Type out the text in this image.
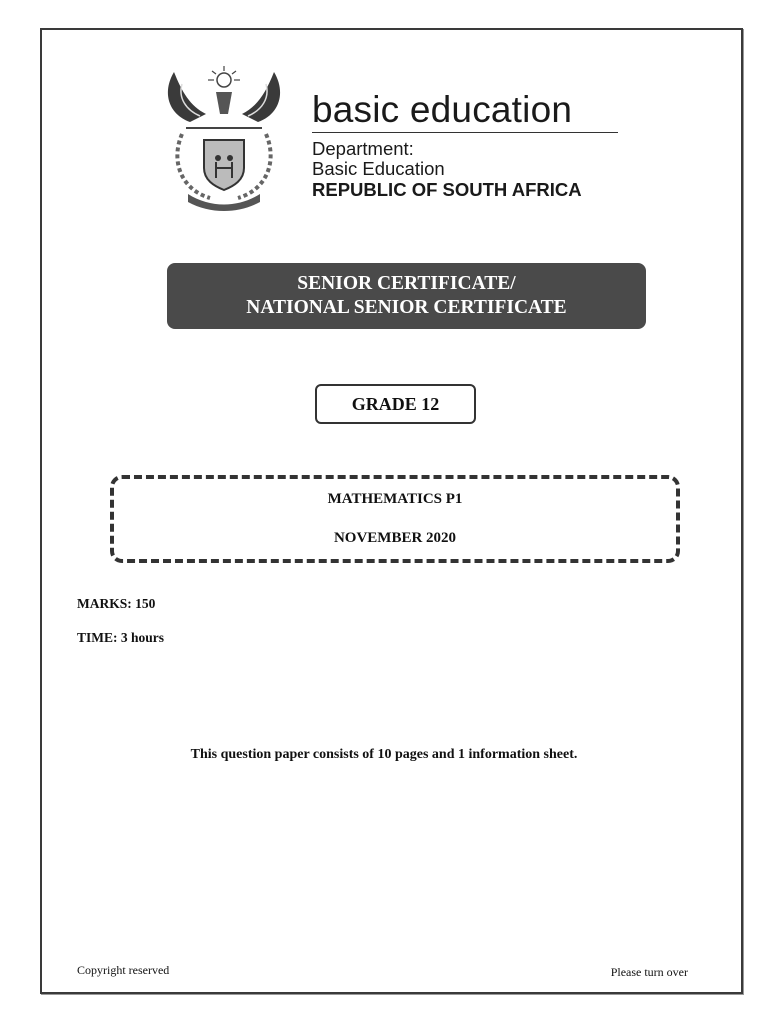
basic education
Department:
Basic Education
REPUBLIC OF SOUTH AFRICA
SENIOR CERTIFICATE/
NATIONAL SENIOR CERTIFICATE
GRADE 12
MATHEMATICS P1
NOVEMBER 2020
MARKS: 150
TIME: 3 hours
This question paper consists of 10 pages and 1 information sheet.
Copyright reserved	Please turn over
